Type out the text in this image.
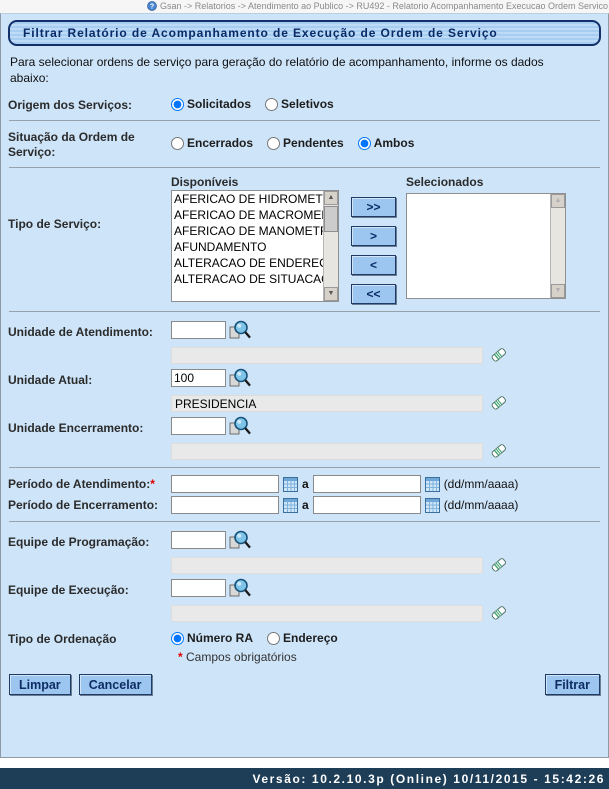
? Gsan -> Relatorios -> Atendimento ao Publico -> RU492 - Relatorio Acompanhamento Execucao Ordem Servico
Filtrar Relatório de Acompanhamento de Execução de Ordem de Serviço
Para selecionar ordens de serviço para geração do relatório de acompanhamento, informe os dados abaixo:
Origem dos Serviços:	Solicitados	Seletivos
Situação da Ordem de Serviço:
Encerrados	Pendentes	Ambos
Tipo de Serviço:
Disponíveis
▲
▼
>>
>
<
<<
Selecionados
▲
▼
Unidade de Atendimento:
Unidade Atual:
100
PRESIDENCIA
Unidade Encerramento:
Período de Atendimento:*	a	(dd/mm/aaaa)
Período de Encerramento:	a	(dd/mm/aaaa)
Equipe de Programação:
Equipe de Execução:
Tipo de Ordenação	Número RA	Endereço
* Campos obrigatórios
Limpar	Cancelar	Filtrar
Versão: 10.2.10.3p (Online) 10/11/2015 - 15:42:26
